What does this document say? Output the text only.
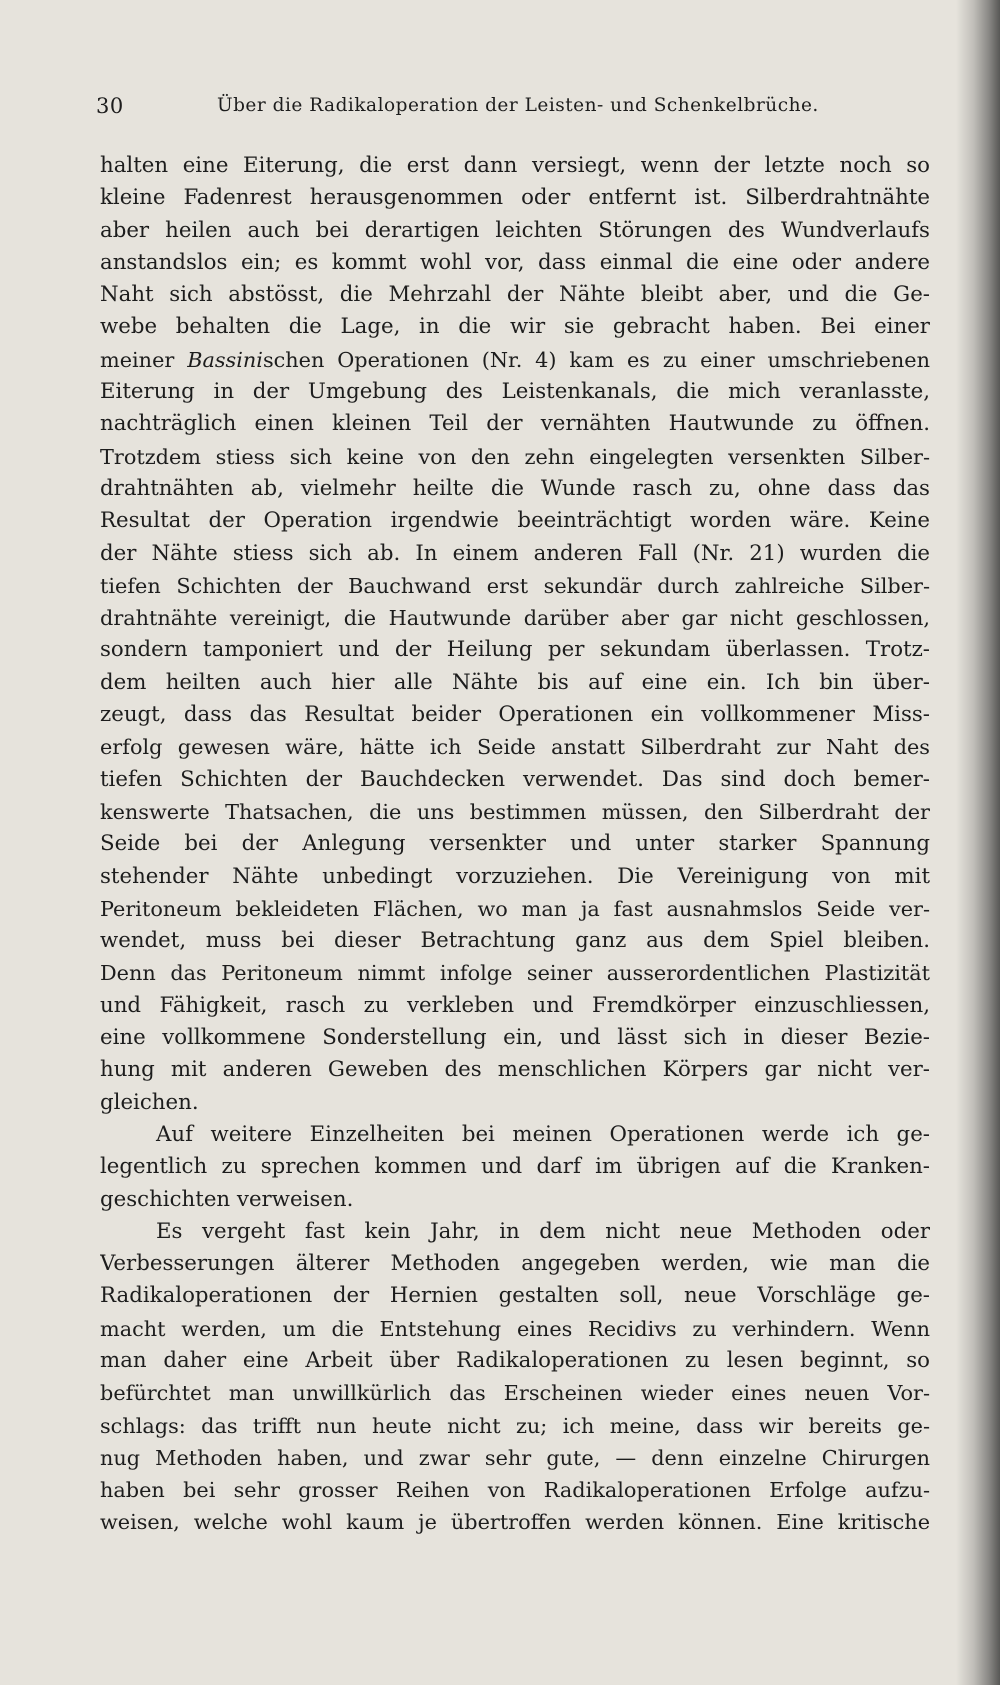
30	Über die Radikaloperation der Leisten- und Schenkelbrüche.
halten eine Eiterung, die erst dann versiegt, wenn der letzte noch so
kleine Fadenrest herausgenommen oder entfernt ist. Silberdrahtnähte
aber heilen auch bei derartigen leichten Störungen des Wundverlaufs
anstandslos ein; es kommt wohl vor, dass einmal die eine oder andere
Naht sich abstösst, die Mehrzahl der Nähte bleibt aber, und die Ge-
webe behalten die Lage, in die wir sie gebracht haben. Bei einer
meiner Bassinischen Operationen (Nr. 4) kam es zu einer umschriebenen
Eiterung in der Umgebung des Leistenkanals, die mich veranlasste,
nachträglich einen kleinen Teil der vernähten Hautwunde zu öffnen.
Trotzdem stiess sich keine von den zehn eingelegten versenkten Silber-
drahtnähten ab, vielmehr heilte die Wunde rasch zu, ohne dass das
Resultat der Operation irgendwie beeinträchtigt worden wäre. Keine
der Nähte stiess sich ab. In einem anderen Fall (Nr. 21) wurden die
tiefen Schichten der Bauchwand erst sekundär durch zahlreiche Silber-
drahtnähte vereinigt, die Hautwunde darüber aber gar nicht geschlossen,
sondern tamponiert und der Heilung per sekundam überlassen. Trotz-
dem heilten auch hier alle Nähte bis auf eine ein. Ich bin über-
zeugt, dass das Resultat beider Operationen ein vollkommener Miss-
erfolg gewesen wäre, hätte ich Seide anstatt Silberdraht zur Naht des
tiefen Schichten der Bauchdecken verwendet. Das sind doch bemer-
kenswerte Thatsachen, die uns bestimmen müssen, den Silberdraht der
Seide bei der Anlegung versenkter und unter starker Spannung
stehender Nähte unbedingt vorzuziehen. Die Vereinigung von mit
Peritoneum bekleideten Flächen, wo man ja fast ausnahmslos Seide ver-
wendet, muss bei dieser Betrachtung ganz aus dem Spiel bleiben.
Denn das Peritoneum nimmt infolge seiner ausserordentlichen Plastizität
und Fähigkeit, rasch zu verkleben und Fremdkörper einzuschliessen,
eine vollkommene Sonderstellung ein, und lässt sich in dieser Bezie-
hung mit anderen Geweben des menschlichen Körpers gar nicht ver-
gleichen.
Auf weitere Einzelheiten bei meinen Operationen werde ich ge-
legentlich zu sprechen kommen und darf im übrigen auf die Kranken-
geschichten verweisen.
Es vergeht fast kein Jahr, in dem nicht neue Methoden oder
Verbesserungen älterer Methoden angegeben werden, wie man die
Radikaloperationen der Hernien gestalten soll, neue Vorschläge ge-
macht werden, um die Entstehung eines Recidivs zu verhindern. Wenn
man daher eine Arbeit über Radikaloperationen zu lesen beginnt, so
befürchtet man unwillkürlich das Erscheinen wieder eines neuen Vor-
schlags: das trifft nun heute nicht zu; ich meine, dass wir bereits ge-
nug Methoden haben, und zwar sehr gute, — denn einzelne Chirurgen
haben bei sehr grosser Reihen von Radikaloperationen Erfolge aufzu-
weisen, welche wohl kaum je übertroffen werden können. Eine kritische
